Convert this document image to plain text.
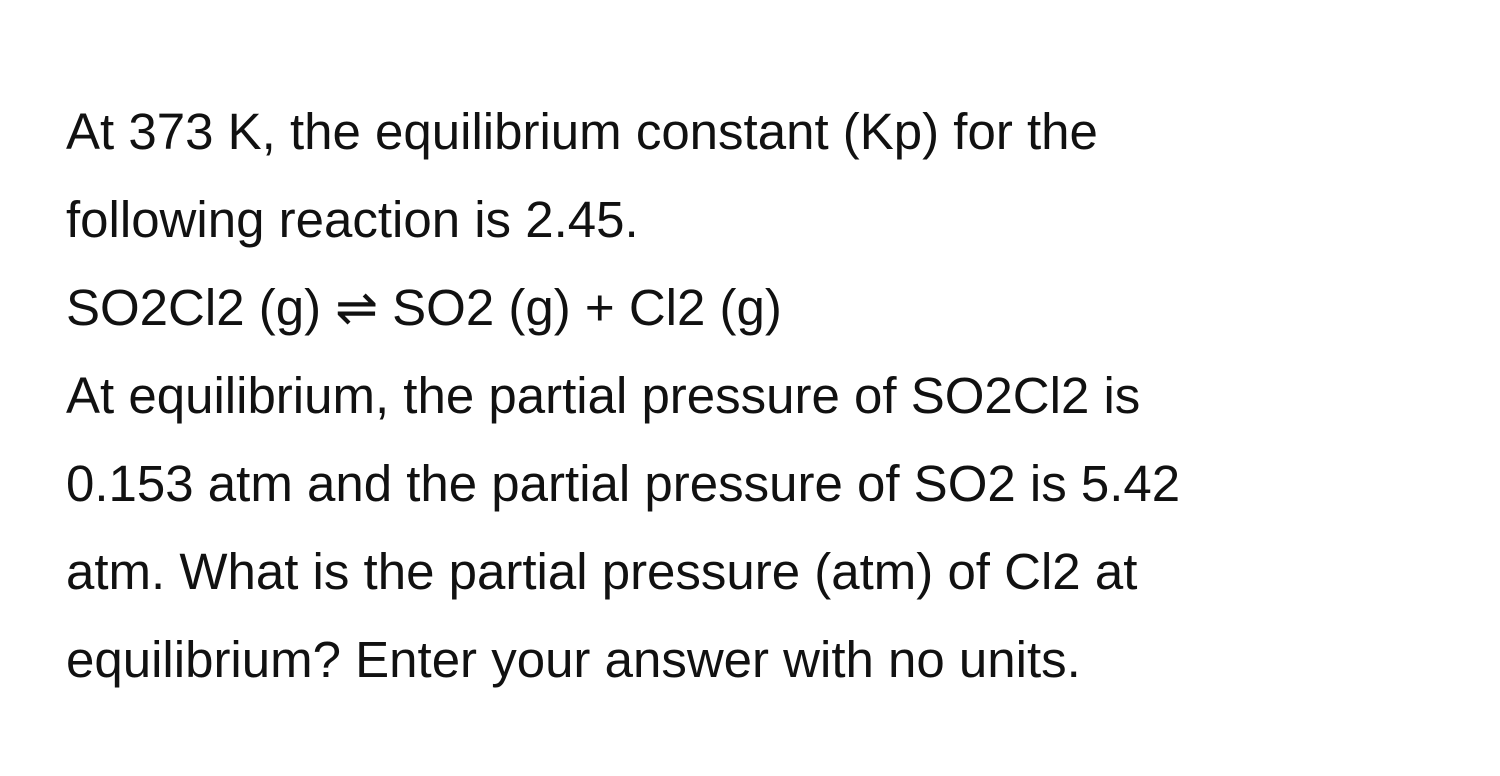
At 373 K, the equilibrium constant (Kp) for the
following reaction is 2.45.
SO2Cl2 (g) ⇌ SO2 (g) + Cl2 (g)
At equilibrium, the partial pressure of SO2Cl2 is
0.153 atm and the partial pressure of SO2 is 5.42
atm. What is the partial pressure (atm) of Cl2 at
equilibrium? Enter your answer with no units.
